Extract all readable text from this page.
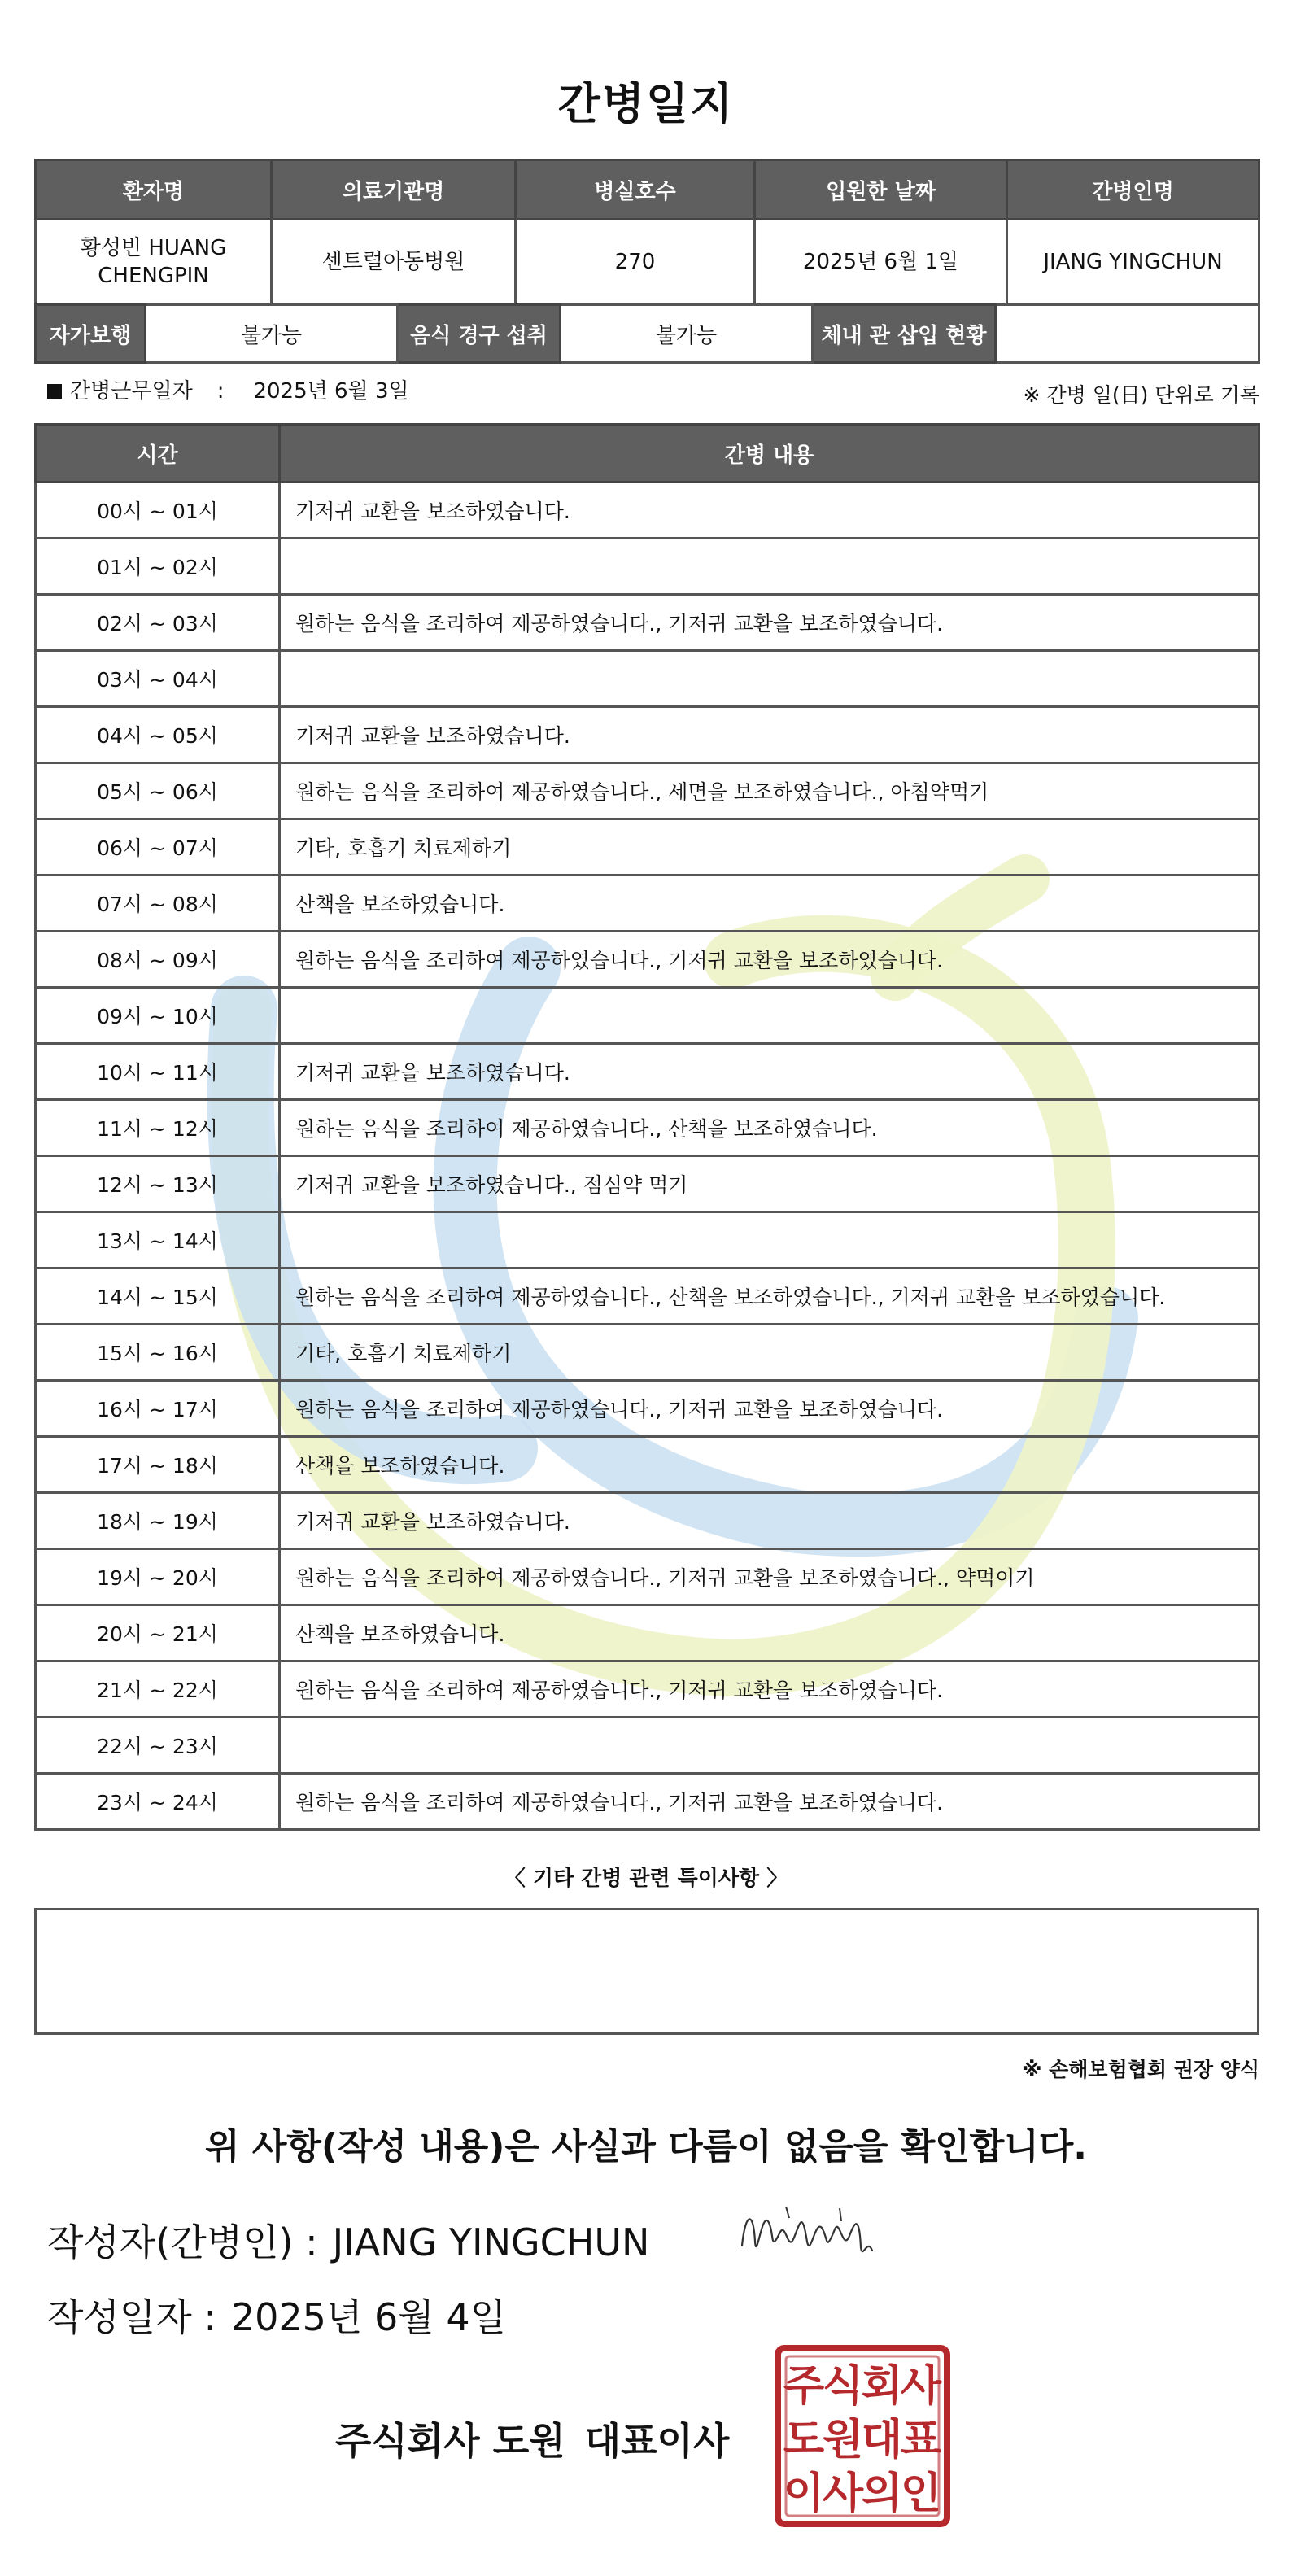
간병일지
환자명	의료기관명	병실호수	입원한 날짜	간병인명
황성빈 HUANG CHENGPIN	센트럴아동병원	270	2025년 6월 1일	JIANG YINGCHUN
자가보행	불가능	음식 경구 섭취	불가능	체내 관 삽입 현황	
간병근무일자 : 2025년 6월 3일	※ 간병 일(日) 단위로 기록
시간	간병 내용
00시 ~ 01시	기저귀 교환을 보조하였습니다.
01시 ~ 02시	
02시 ~ 03시	원하는 음식을 조리하여 제공하였습니다., 기저귀 교환을 보조하였습니다.
03시 ~ 04시	
04시 ~ 05시	기저귀 교환을 보조하였습니다.
05시 ~ 06시	원하는 음식을 조리하여 제공하였습니다., 세면을 보조하였습니다., 아침약먹기
06시 ~ 07시	기타, 호흡기 치료제하기
07시 ~ 08시	산책을 보조하였습니다.
08시 ~ 09시	원하는 음식을 조리하여 제공하였습니다., 기저귀 교환을 보조하였습니다.
09시 ~ 10시	
10시 ~ 11시	기저귀 교환을 보조하였습니다.
11시 ~ 12시	원하는 음식을 조리하여 제공하였습니다., 산책을 보조하였습니다.
12시 ~ 13시	기저귀 교환을 보조하였습니다., 점심약 먹기
13시 ~ 14시	
14시 ~ 15시	원하는 음식을 조리하여 제공하였습니다., 산책을 보조하였습니다., 기저귀 교환을 보조하였습니다.
15시 ~ 16시	기타, 호흡기 치료제하기
16시 ~ 17시	원하는 음식을 조리하여 제공하였습니다., 기저귀 교환을 보조하였습니다.
17시 ~ 18시	산책을 보조하였습니다.
18시 ~ 19시	기저귀 교환을 보조하였습니다.
19시 ~ 20시	원하는 음식을 조리하여 제공하였습니다., 기저귀 교환을 보조하였습니다., 약먹이기
20시 ~ 21시	산책을 보조하였습니다.
21시 ~ 22시	원하는 음식을 조리하여 제공하였습니다., 기저귀 교환을 보조하였습니다.
22시 ~ 23시	
23시 ~ 24시	원하는 음식을 조리하여 제공하였습니다., 기저귀 교환을 보조하였습니다.
〈 기타 간병 관련 특이사항 〉
※ 손해보험협회 권장 양식
위 사항(작성 내용)은 사실과 다름이 없음을 확인합니다.
작성자(간병인) : JIANG YINGCHUN
작성일자 : 2025년 6월 4일
주식회사 도원 대표이사
주
식
회
사
도
원
대
표
이
사
의
인
